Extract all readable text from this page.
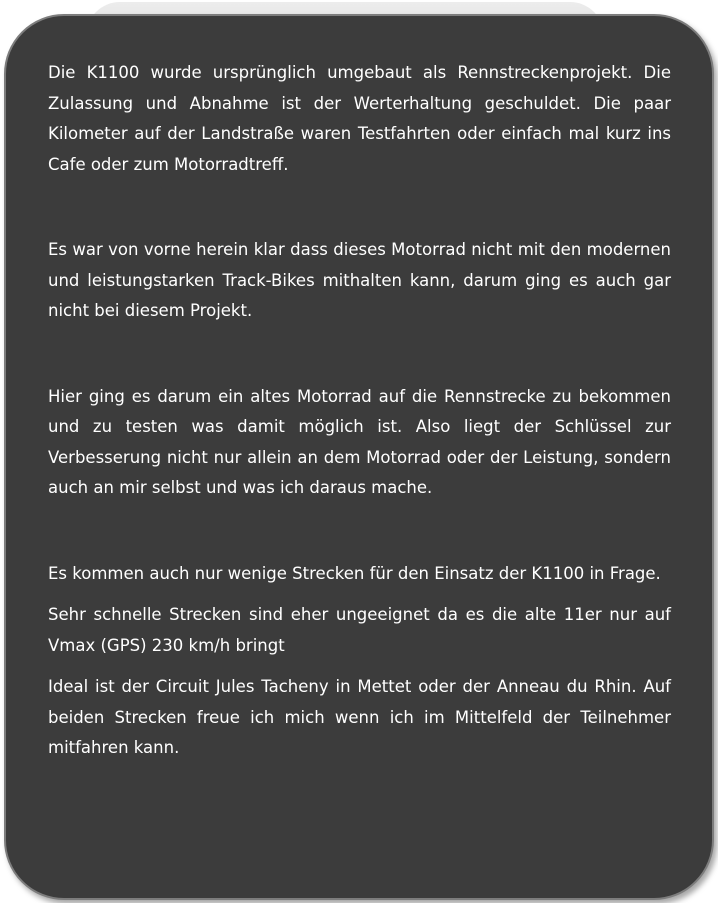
Die K1100 wurde ursprünglich umgebaut als Rennstreckenprojekt. Die Zulassung und Abnahme ist der Werterhaltung geschuldet. Die paar Kilometer auf der Landstraße waren Testfahrten oder einfach mal kurz ins Cafe oder zum Motorradtreff.

Es war von vorne herein klar dass dieses Motorrad nicht mit den modernen und leistungstarken Track-Bikes mithalten kann, darum ging es auch gar nicht bei diesem Projekt.

Hier ging es darum ein altes Motorrad auf die Rennstrecke zu bekommen und zu testen was damit möglich ist. Also liegt der Schlüssel zur Verbesserung nicht nur allein an dem Motorrad oder der Leistung, sondern auch an mir selbst und was ich daraus mache.

Es kommen auch nur wenige Strecken für den Einsatz der K1100 in Frage.

Sehr schnelle Strecken sind eher ungeeignet da es die alte 11er nur auf Vmax (GPS) 230 km/h bringt

Ideal ist der Circuit Jules Tacheny in Mettet oder der Anneau du Rhin. Auf beiden Strecken freue ich mich wenn ich im Mittelfeld der Teilnehmer mitfahren kann.
